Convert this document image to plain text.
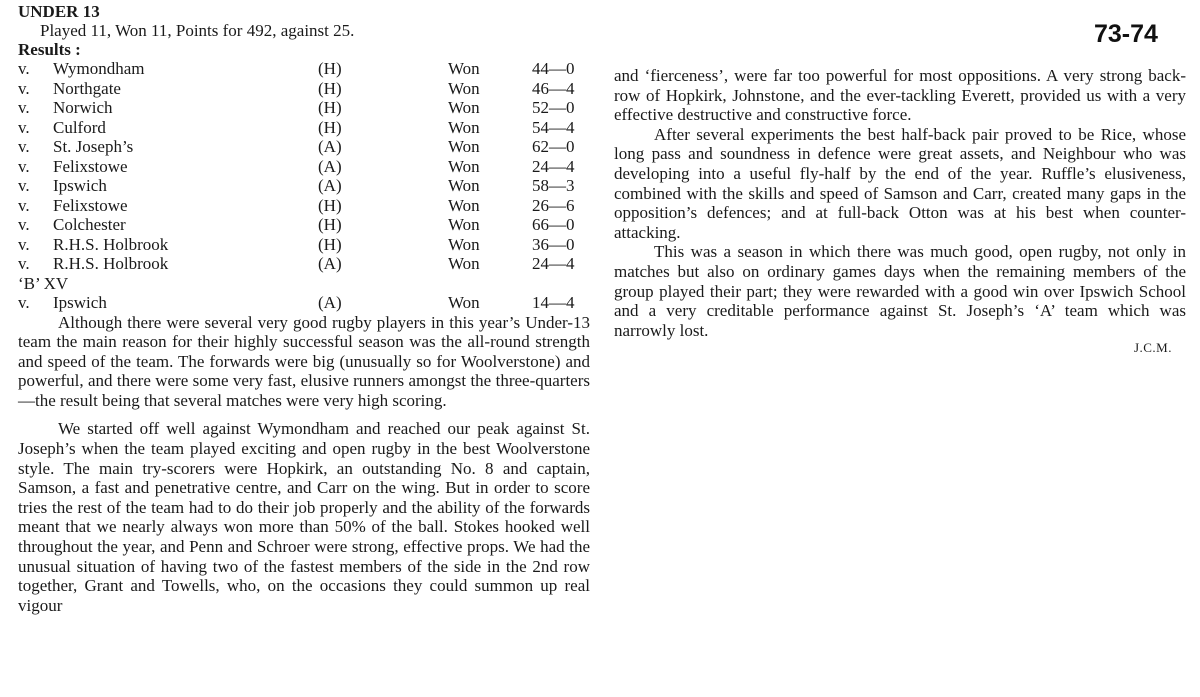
73-74
UNDER 13
Played 11, Won 11, Points for 492, against 25.
Results :
v. Wymondham	(H)	Won	44—0
v. Northgate	(H)	Won	46—4
v. Norwich	(H)	Won	52—0
v. Culford	(H)	Won	54—4
v. St. Joseph’s	(A)	Won	62—0
v. Felixstowe	(A)	Won	24—4
v. Ipswich	(A)	Won	58—3
v. Felixstowe	(H)	Won	26—6
v. Colchester	(H)	Won	66—0
v. R.H.S. Holbrook	(H)	Won	36—0
v. R.H.S. Holbrook	(A)	Won	24—4
‘B’ XV
v. Ipswich	(A)	Won	14—4

Although there were several very good rugby players in this year’s Under-13 team the main reason for their highly successful season was the all-round strength and speed of the team. The forwards were big (unusually so for Woolverstone) and powerful, and there were some very fast, elusive runners amongst the three-quarters—the result being that several matches were very high scoring.

We started off well against Wymondham and reached our peak against St. Joseph’s when the team played exciting and open rugby in the best Woolverstone style. The main try-scorers were Hopkirk, an outstanding No. 8 and captain, Samson, a fast and penetrative centre, and Carr on the wing. But in order to score tries the rest of the team had to do their job properly and the ability of the forwards meant that we nearly always won more than 50% of the ball. Stokes hooked well throughout the year, and Penn and Schroer were strong, effective props. We had the unusual situation of having two of the fastest members of the side in the 2nd row together, Grant and Towells, who, on the occasions they could summon up real vigour

and ‘fierceness’, were far too powerful for most oppositions. A very strong back-row of Hopkirk, Johnstone, and the ever-tackling Everett, provided us with a very effective destructive and constructive force.

After several experiments the best half-back pair proved to be Rice, whose long pass and soundness in defence were great assets, and Neighbour who was developing into a useful fly-half by the end of the year. Ruffle’s elusiveness, combined with the skills and speed of Samson and Carr, created many gaps in the opposition’s defences; and at full-back Otton was at his best when counter-attacking.

This was a season in which there was much good, open rugby, not only in matches but also on ordinary games days when the remaining members of the group played their part; they were rewarded with a good win over Ipswich School and a very creditable performance against St. Joseph’s ‘A’ team which was narrowly lost.

J.C.M.
